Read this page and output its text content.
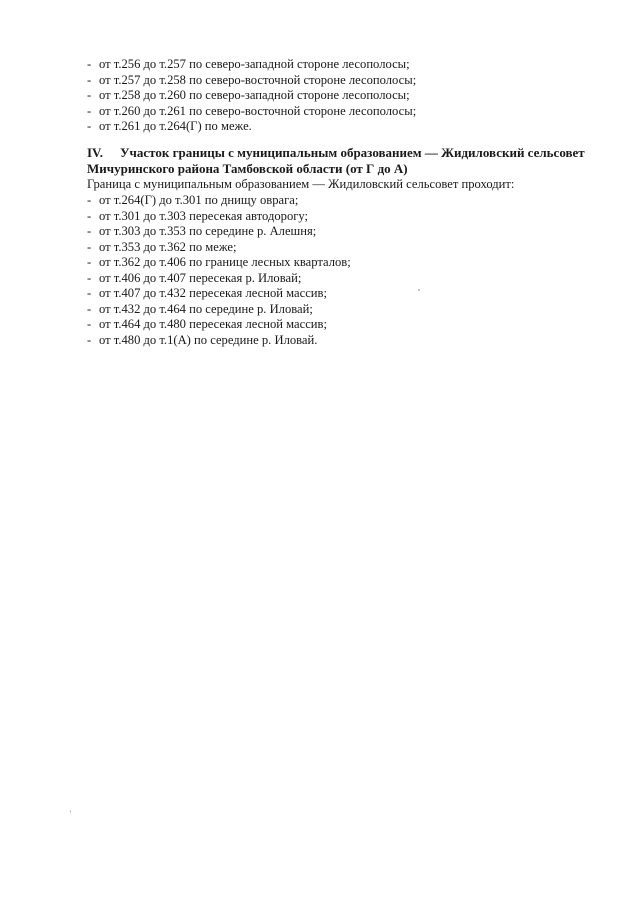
- от т.256 до т.257 по северо-западной стороне лесополосы;
- от т.257 до т.258 по северо-восточной стороне лесополосы;
- от т.258 до т.260 по северо-западной стороне лесополосы;
- от т.260 до т.261 по северо-восточной стороне лесополосы;
- от т.261 до т.264(Г) по меже.
IV. Участок границы с муниципальным образованием — Жидиловский сельсовет
Мичуринского района Тамбовской области (от Г до А)
Граница с муниципальным образованием — Жидиловский сельсовет проходит:
- от т.264(Г) до т.301 по днищу оврага;
- от т.301 до т.303 пересекая автодорогу;
- от т.303 до т.353 по середине р. Алешня;
- от т.353 до т.362 по меже;
- от т.362 до т.406 по границе лесных кварталов;
- от т.406 до т.407 пересекая р. Иловай;
- от т.407 до т.432 пересекая лесной массив;
- от т.432 до т.464 по середине р. Иловай;
- от т.464 до т.480 пересекая лесной массив;
- от т.480 до т.1(А) по середине р. Иловай.
